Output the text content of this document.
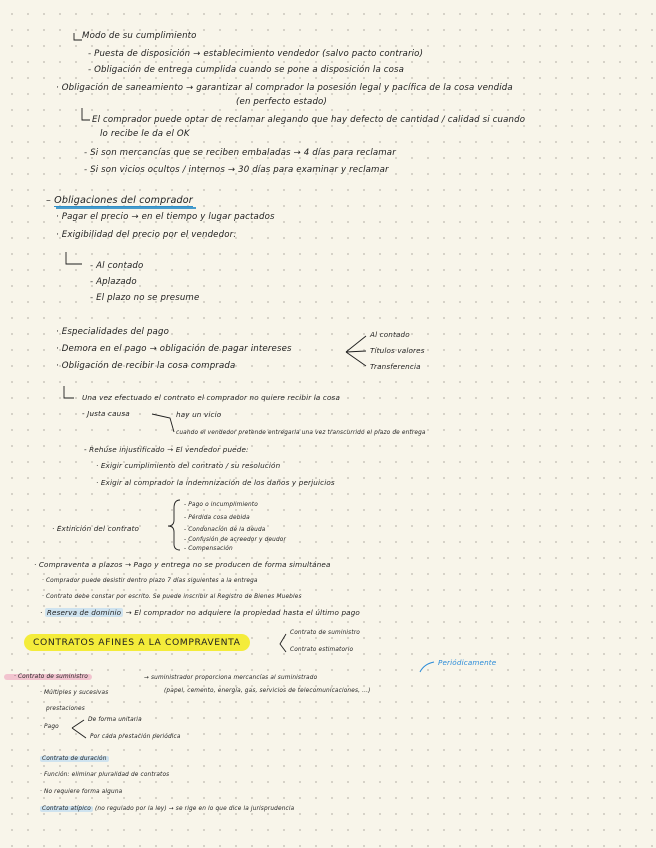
Modo de su cumplimiento
- Puesta de disposición → establecimiento vendedor (salvo pacto contrario)
- Obligación de entrega cumplida cuando se pone a disposición la cosa
· Obligación de saneamiento → garantizar al comprador la posesión legal y pacífica de la cosa vendida
(en perfecto estado)
El comprador puede optar de reclamar alegando que hay defecto de cantidad / calidad si cuando
lo recibe le da el OK
- Si son mercancías que se reciben embaladas → 4 días para reclamar
- Si son vicios ocultos / internos → 30 días para examinar y reclamar
– Obligaciones del comprador
· Pagar el precio → en el tiempo y lugar pactados
· Exigibilidad del precio por el vendedor:
- Al contado
- Aplazado
- El plazo no se presume
· Especialidades del pago
· Demora en el pago → obligación de pagar intereses
· Obligación de recibir la cosa comprada
Al contado
Títulos valores
Transferencia
Una vez efectuado el contrato el comprador no quiere recibir la cosa
- Justa causa	hay un vicio
cuando el vendedor pretende entregarla una vez transcurrido el plazo de entrega
- Rehúse injustificado → El vendedor puede:
· Exigir cumplimiento del contrato / su resolución
· Exigir al comprador la indemnización de los daños y perjuicios
· Extinción del contrato
- Pago o incumplimiento
- Pérdida cosa debida
- Condonación de la deuda
- Confusión de acreedor y deudor
- Compensación
· Compraventa a plazos → Pago y entrega no se producen de forma simultánea
· Comprador puede desistir dentro plazo 7 días siguientes a la entrega
· Contrato debe constar por escrito. Se puede inscribir al Registro de Bienes Muebles
· Reserva de dominio → El comprador no adquiere la propiedad hasta el último pago
CONTRATOS AFINES A LA COMPRAVENTA
Contrato de suministro
Contrato estimatorio
Periódicamente
· Contrato de suministro	→ suministrador proporciona mercancías al suministrado
(papel, cemento, energía, gas, servicios de telecomunicaciones, ...)
· Múltiples y sucesivas
prestaciones
· Pago
De forma unitaria
Por cada prestación periódica
Contrato de duración
· Función: eliminar pluralidad de contratos
· No requiere forma alguna
Contrato atípico (no regulado por la ley) → se rige en lo que dice la jurisprudencia
